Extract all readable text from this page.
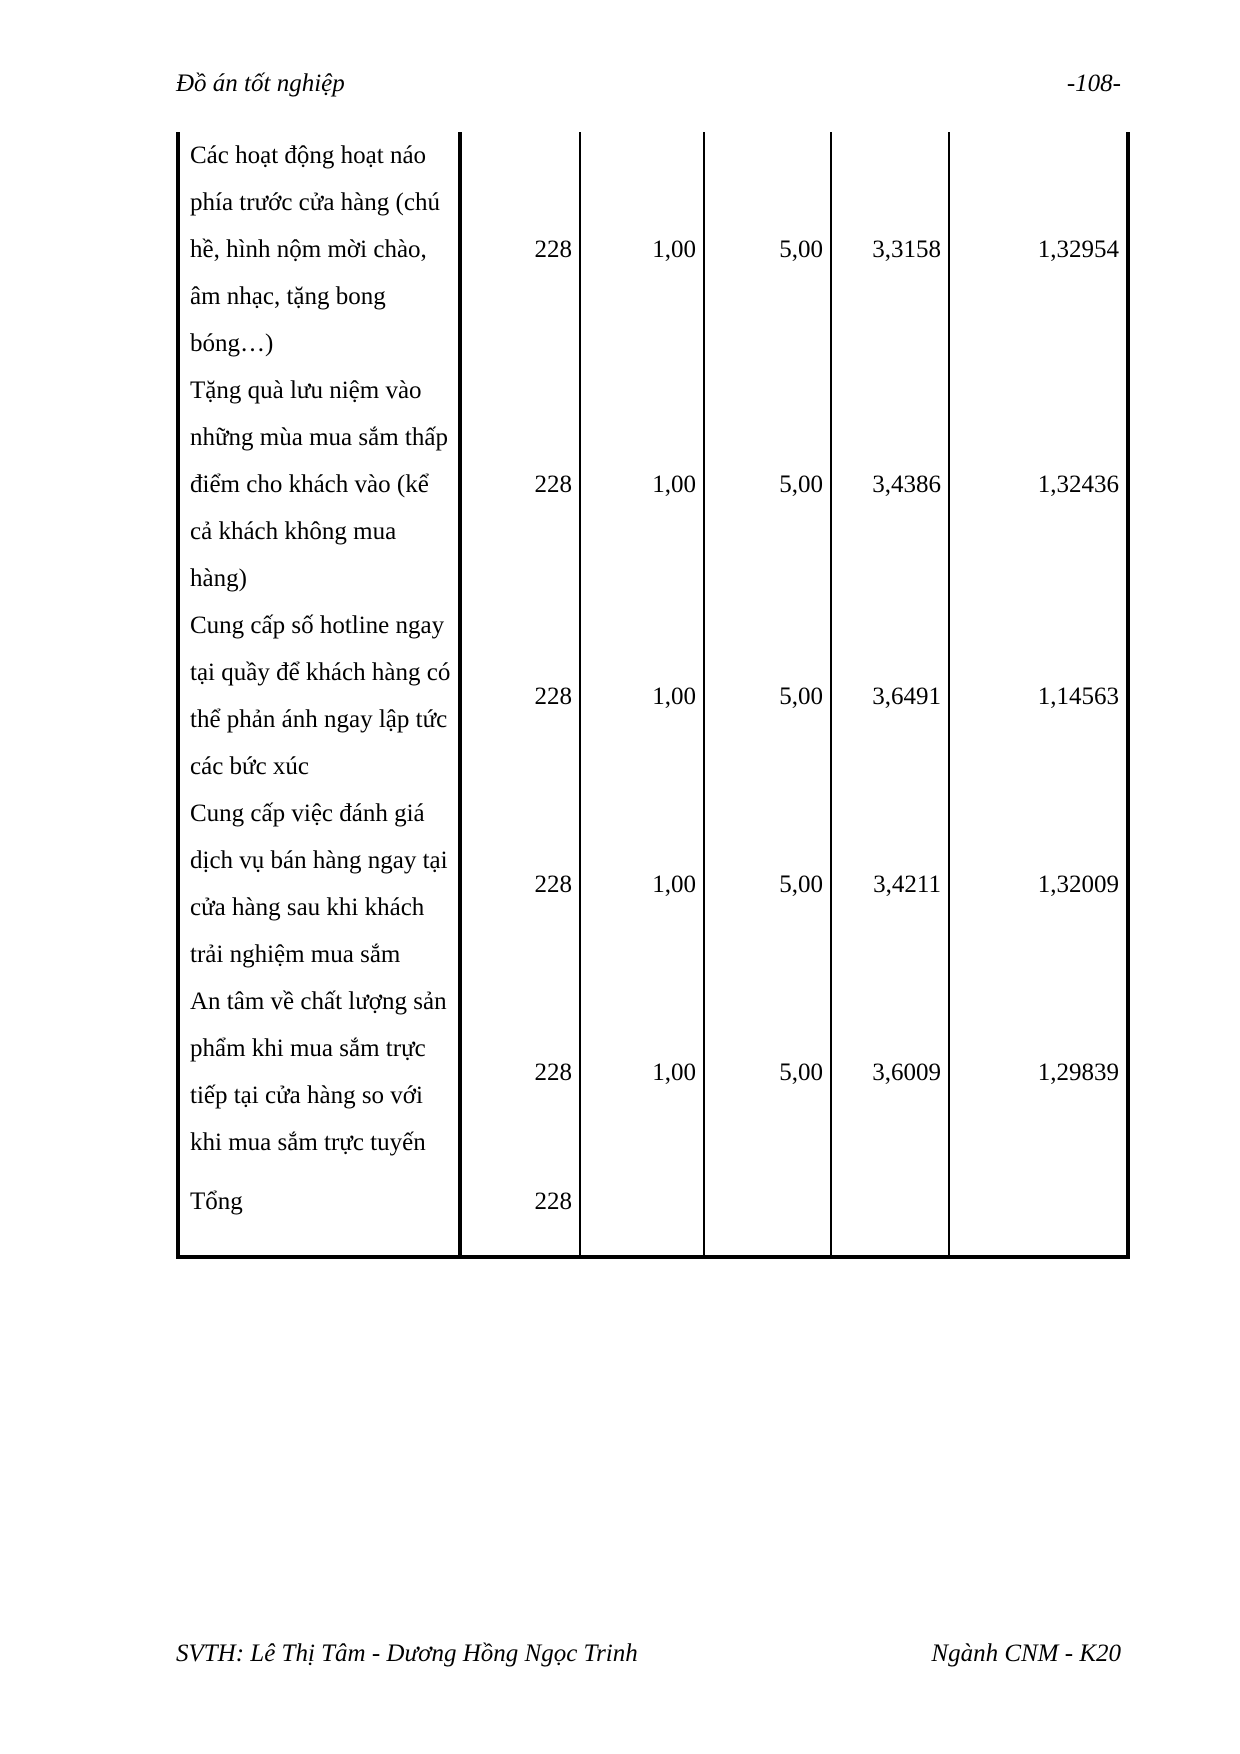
Đồ án tốt nghiệp	-108-
Các hoạt động hoạt náo phía trước cửa hàng (chú hề, hình nộm mời chào, âm nhạc, tặng bong bóng…)	228	1,00	5,00	3,3158	1,32954
Tặng quà lưu niệm vào những mùa mua sắm thấp điểm cho khách vào (kể cả khách không mua hàng)	228	1,00	5,00	3,4386	1,32436
Cung cấp số hotline ngay tại quầy để khách hàng có thể phản ánh ngay lập tức các bức xúc	228	1,00	5,00	3,6491	1,14563
Cung cấp việc đánh giá dịch vụ bán hàng ngay tại cửa hàng sau khi khách trải nghiệm mua sắm	228	1,00	5,00	3,4211	1,32009
An tâm về chất lượng sản phẩm khi mua sắm trực tiếp tại cửa hàng so với khi mua sắm trực tuyến	228	1,00	5,00	3,6009	1,29839
Tổng	228				
SVTH: Lê Thị Tâm - Dương Hồng Ngọc Trinh	Ngành CNM - K20
